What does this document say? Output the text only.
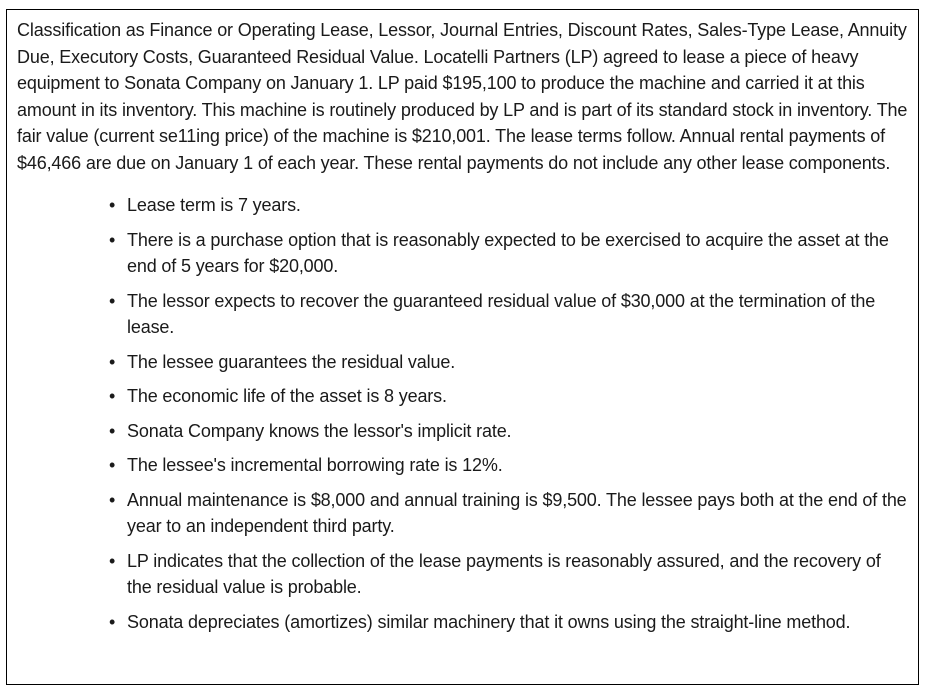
Classification as Finance or Operating Lease, Lessor, Journal Entries, Discount Rates, Sales-Type Lease, Annuity Due, Executory Costs, Guaranteed Residual Value. Locatelli Partners (LP) agreed to lease a piece of heavy equipment to Sonata Company on January 1. LP paid $195,100 to produce the machine and carried it at this amount in its inventory. This machine is routinely produced by LP and is part of its standard stock in inventory. The fair value (current se11ing price) of the machine is $210,001. The lease terms follow. Annual rental payments of $46,466 are due on January 1 of each year. These rental payments do not include any other lease components.

• Lease term is 7 years.
• There is a purchase option that is reasonably expected to be exercised to acquire the asset at the end of 5 years for $20,000.
• The lessor expects to recover the guaranteed residual value of $30,000 at the termination of the lease.
• The lessee guarantees the residual value.
• The economic life of the asset is 8 years.
• Sonata Company knows the lessor's implicit rate.
• The lessee's incremental borrowing rate is 12%.
• Annual maintenance is $8,000 and annual training is $9,500. The lessee pays both at the end of the year to an independent third party.
• LP indicates that the collection of the lease payments is reasonably assured, and the recovery of the residual value is probable.
• Sonata depreciates (amortizes) similar machinery that it owns using the straight-line method.
